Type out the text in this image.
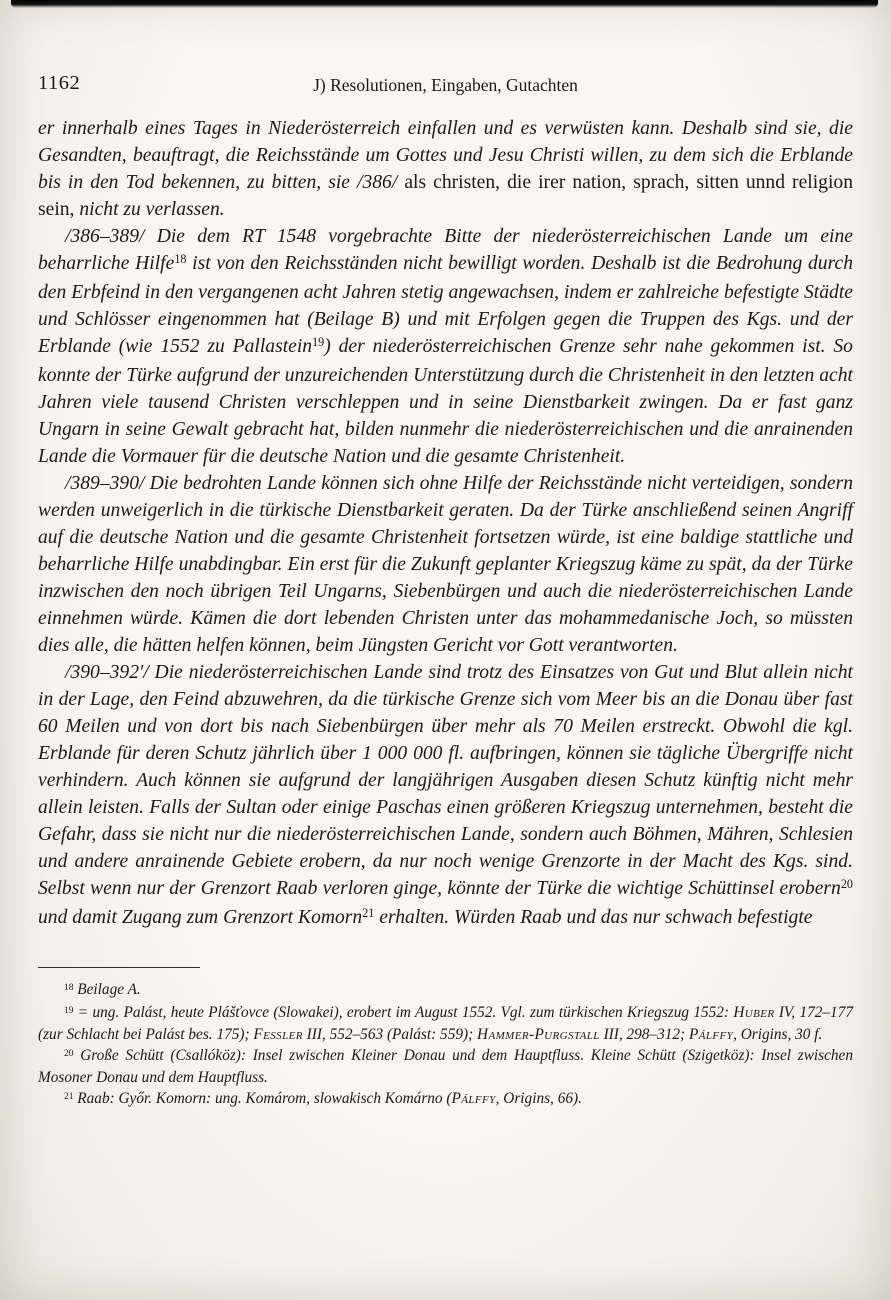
1162	J) Resolutionen, Eingaben, Gutachten

er innerhalb eines Tages in Niederösterreich einfallen und es verwüsten kann. Deshalb sind sie, die Gesandten, beauftragt, die Reichsstände um Gottes und Jesu Christi willen, zu dem sich die Erblande bis in den Tod bekennen, zu bitten, sie /386/ als christen, die irer nation, sprach, sitten unnd religion sein, nicht zu verlassen.

/386–389/ Die dem RT 1548 vorgebrachte Bitte der niederösterreichischen Lande um eine beharrliche Hilfe$^{18}$ ist von den Reichsständen nicht bewilligt worden. Deshalb ist die Bedrohung durch den Erbfeind in den vergangenen acht Jahren stetig angewachsen, indem er zahlreiche befestigte Städte und Schlösser eingenommen hat (Beilage B) und mit Erfolgen gegen die Truppen des Kgs. und der Erblande (wie 1552 zu Pallastein$^{19}$) der niederösterreichischen Grenze sehr nahe gekommen ist. So konnte der Türke aufgrund der unzureichenden Unterstützung durch die Christenheit in den letzten acht Jahren viele tausend Christen verschleppen und in seine Dienstbarkeit zwingen. Da er fast ganz Ungarn in seine Gewalt gebracht hat, bilden nunmehr die niederösterreichischen und die anrainenden Lande die Vormauer für die deutsche Nation und die gesamte Christenheit.

/389–390/ Die bedrohten Lande können sich ohne Hilfe der Reichsstände nicht verteidigen, sondern werden unweigerlich in die türkische Dienstbarkeit geraten. Da der Türke anschließend seinen Angriff auf die deutsche Nation und die gesamte Christenheit fortsetzen würde, ist eine baldige stattliche und beharrliche Hilfe unabdingbar. Ein erst für die Zukunft geplanter Kriegszug käme zu spät, da der Türke inzwischen den noch übrigen Teil Ungarns, Siebenbürgen und auch die niederösterreichischen Lande einnehmen würde. Kämen die dort lebenden Christen unter das mohammedanische Joch, so müssten dies alle, die hätten helfen können, beim Jüngsten Gericht vor Gott verantworten.

/390–392'/ Die niederösterreichischen Lande sind trotz des Einsatzes von Gut und Blut allein nicht in der Lage, den Feind abzuwehren, da die türkische Grenze sich vom Meer bis an die Donau über fast 60 Meilen und von dort bis nach Siebenbürgen über mehr als 70 Meilen erstreckt. Obwohl die kgl. Erblande für deren Schutz jährlich über 1 000 000 fl. aufbringen, können sie tägliche Übergriffe nicht verhindern. Auch können sie aufgrund der langjährigen Ausgaben diesen Schutz künftig nicht mehr allein leisten. Falls der Sultan oder einige Paschas einen größeren Kriegszug unternehmen, besteht die Gefahr, dass sie nicht nur die niederösterreichischen Lande, sondern auch Böhmen, Mähren, Schlesien und andere anrainende Gebiete erobern, da nur noch wenige Grenzorte in der Macht des Kgs. sind. Selbst wenn nur der Grenzort Raab verloren ginge, könnte der Türke die wichtige Schüttinsel erobern$^{20}$ und damit Zugang zum Grenzort Komorn$^{21}$ erhalten. Würden Raab und das nur schwach befestigte

$^{18}$ Beilage A.

$^{19}$ = ung. Palást, heute Plášťovce (Slowakei), erobert im August 1552. Vgl. zum türkischen Kriegszug 1552: Huber IV, 172–177 (zur Schlacht bei Palást bes. 175); Fessler III, 552–563 (Palást: 559); Hammer-Purgstall III, 298–312; Pálffy, Origins, 30 f.

$^{20}$ Große Schütt (Csallóköz): Insel zwischen Kleiner Donau und dem Hauptfluss. Kleine Schütt (Szigetköz): Insel zwischen Mosoner Donau und dem Hauptfluss.

$^{21}$ Raab: Győr. Komorn: ung. Komárom, slowakisch Komárno (Pálffy, Origins, 66).
